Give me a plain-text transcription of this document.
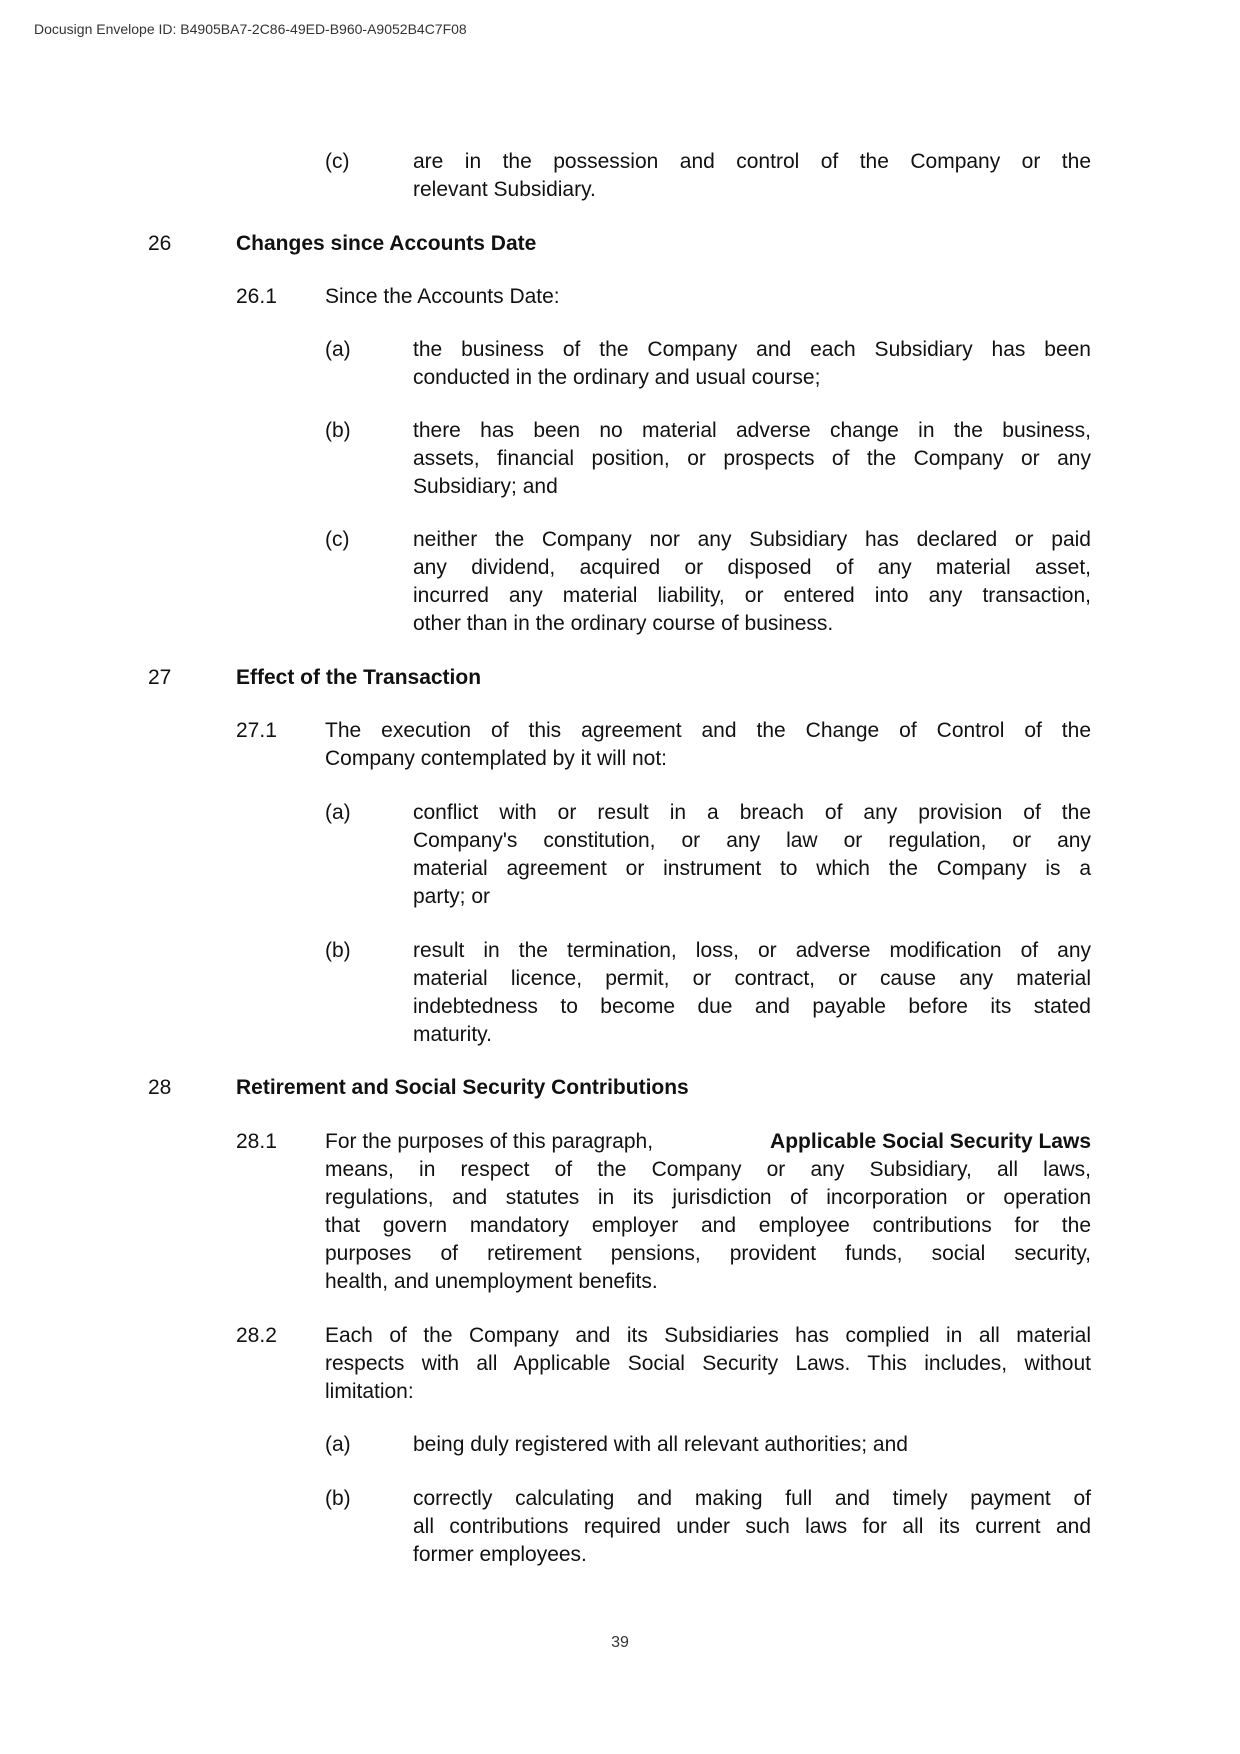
Docusign Envelope ID: B4905BA7-2C86-49ED-B960-A9052B4C7F08
(c)	are in the possession and control of the Company or the
relevant Subsidiary.
26	Changes since Accounts Date
26.1 Since the Accounts Date:
(a)	the business of the Company and each Subsidiary has been
conducted in the ordinary and usual course;
(b)	there has been no material adverse change in the business,
assets, financial position, or prospects of the Company or any
Subsidiary; and
(c)	neither the Company nor any Subsidiary has declared or paid
any dividend, acquired or disposed of any material asset,
incurred any material liability, or entered into any transaction,
other than in the ordinary course of business.
27	Effect of the Transaction
27.1 The execution of this agreement and the Change of Control of the
Company contemplated by it will not:
(a)	conflict with or result in a breach of any provision of the
Company's constitution, or any law or regulation, or any
material agreement or instrument to which the Company is a
party; or
(b)	result in the termination, loss, or adverse modification of any
material licence, permit, or contract, or cause any material
indebtedness to become due and payable before its stated
maturity.
28	Retirement and Social Security Contributions
28.1 For the purposes of this paragraph,	Applicable Social Security Laws
means, in respect of the Company or any Subsidiary, all laws,
regulations, and statutes in its jurisdiction of incorporation or operation
that govern mandatory employer and employee contributions for the
purposes of retirement pensions, provident funds, social security,
health, and unemployment benefits.
28.2 Each of the Company and its Subsidiaries has complied in all material
respects with all Applicable Social Security Laws. This includes, without
limitation:
(a)	being duly registered with all relevant authorities; and
(b)	correctly calculating and making full and timely payment of
all contributions required under such laws for all its current and
former employees.
39
